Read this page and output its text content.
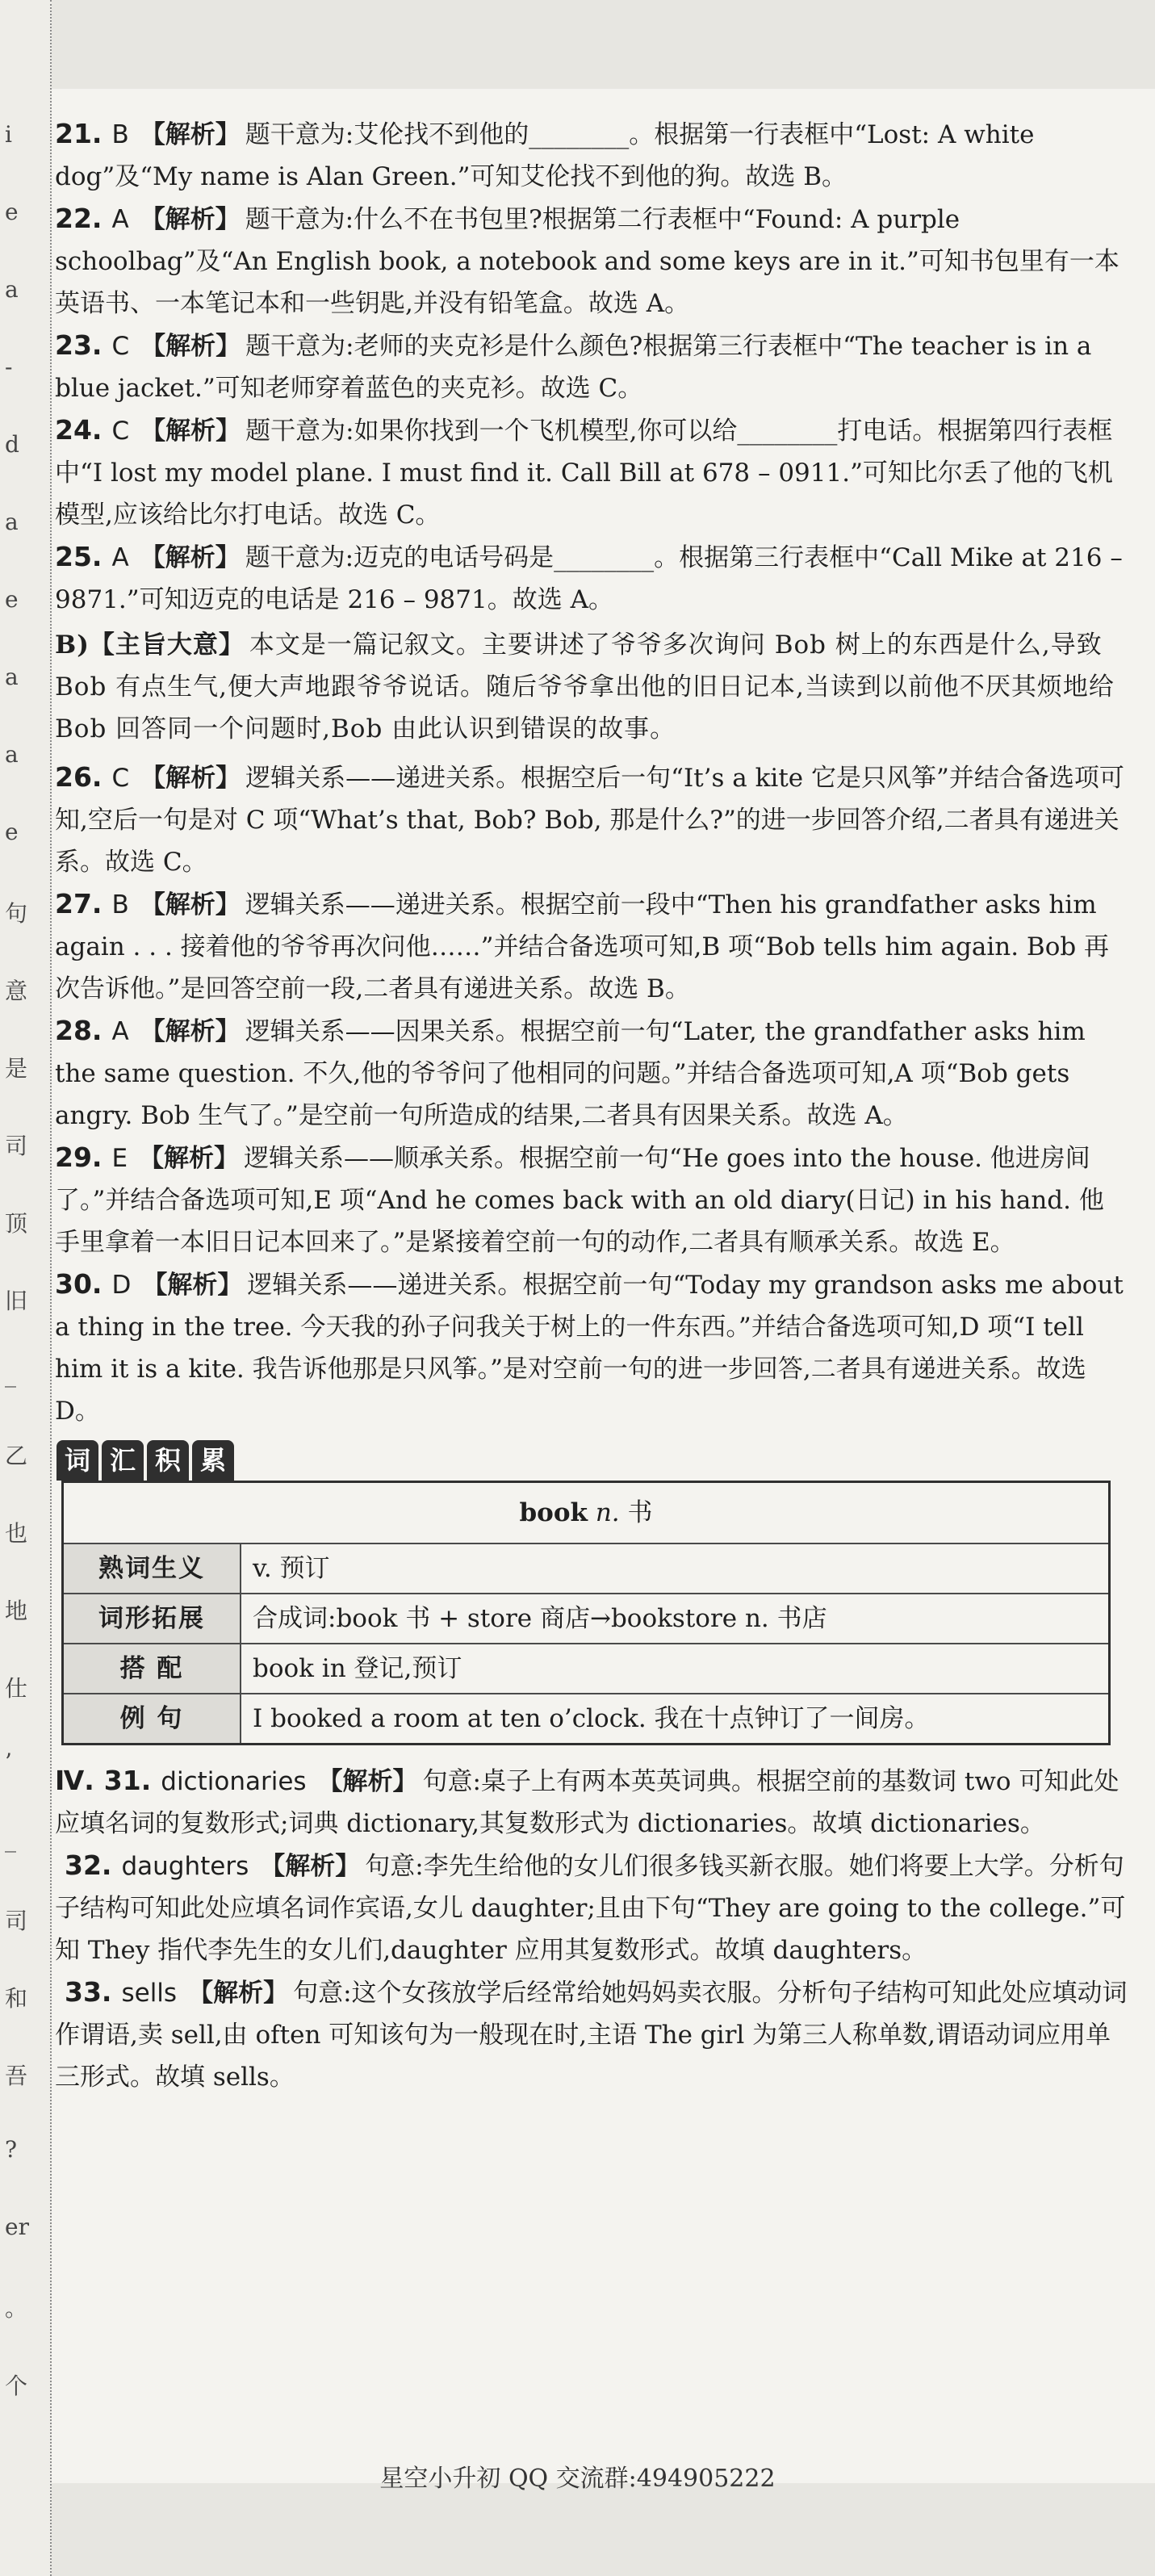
i
e
a
-
d
a
e
a
a
e
句
意
是
司
顶
旧
_
乙
也
地
仕
’
_
司
和
吾
?
er
。
个

21. B 【解析】 题干意为:艾伦找不到他的________。根据第一行表框中“Lost: A white dog”及“My name is Alan Green.”可知艾伦找不到他的狗。故选 B。

22. A 【解析】 题干意为:什么不在书包里?根据第二行表框中“Found: A purple schoolbag”及“An English book, a notebook and some keys are in it.”可知书包里有一本英语书、一本笔记本和一些钥匙,并没有铅笔盒。故选 A。

23. C 【解析】 题干意为:老师的夹克衫是什么颜色?根据第三行表框中“The teacher is in a blue jacket.”可知老师穿着蓝色的夹克衫。故选 C。

24. C 【解析】 题干意为:如果你找到一个飞机模型,你可以给________打电话。根据第四行表框中“I lost my model plane. I must find it. Call Bill at 678 – 0911.”可知比尔丢了他的飞机模型,应该给比尔打电话。故选 C。

25. A 【解析】 题干意为:迈克的电话号码是________。根据第三行表框中“Call Mike at 216 – 9871.”可知迈克的电话是 216 – 9871。故选 A。

B)【主旨大意】 本文是一篇记叙文。主要讲述了爷爷多次询问 Bob 树上的东西是什么,导致 Bob 有点生气,便大声地跟爷爷说话。随后爷爷拿出他的旧日记本,当读到以前他不厌其烦地给 Bob 回答同一个问题时,Bob 由此认识到错误的故事。

26. C 【解析】 逻辑关系——递进关系。根据空后一句“It’s a kite 它是只风筝”并结合备选项可知,空后一句是对 C 项“What’s that, Bob? Bob, 那是什么?”的进一步回答介绍,二者具有递进关系。故选 C。

27. B 【解析】 逻辑关系——递进关系。根据空前一段中“Then his grandfather asks him again . . . 接着他的爷爷再次问他……”并结合备选项可知,B 项“Bob tells him again. Bob 再次告诉他。”是回答空前一段,二者具有递进关系。故选 B。

28. A 【解析】 逻辑关系——因果关系。根据空前一句“Later, the grandfather asks him the same question. 不久,他的爷爷问了他相同的问题。”并结合备选项可知,A 项“Bob gets angry. Bob 生气了。”是空前一句所造成的结果,二者具有因果关系。故选 A。

29. E 【解析】 逻辑关系——顺承关系。根据空前一句“He goes into the house. 他进房间了。”并结合备选项可知,E 项“And he comes back with an old diary(日记) in his hand. 他手里拿着一本旧日记本回来了。”是紧接着空前一句的动作,二者具有顺承关系。故选 E。

30. D 【解析】 逻辑关系——递进关系。根据空前一句“Today my grandson asks me about a thing in the tree. 今天我的孙子问我关于树上的一件东西。”并结合备选项可知,D 项“I tell him it is a kite. 我告诉他那是只风筝。”是对空前一句的进一步回答,二者具有递进关系。故选 D。

词 汇 积 累
book n. 书	
熟词生义	v. 预订
词形拓展	合成词:book 书 + store 商店→bookstore n. 书店
搭 配	book in 登记,预订
例 句	I booked a room at ten o’clock. 我在十点钟订了一间房。

Ⅳ. 31. dictionaries 【解析】 句意:桌子上有两本英英词典。根据空前的基数词 two 可知此处应填名词的复数形式;词典 dictionary,其复数形式为 dictionaries。故填 dictionaries。

32. daughters 【解析】 句意:李先生给他的女儿们很多钱买新衣服。她们将要上大学。分析句子结构可知此处应填名词作宾语,女儿 daughter;且由下句“They are going to the college.”可知 They 指代李先生的女儿们,daughter 应用其复数形式。故填 daughters。

33. sells 【解析】 句意:这个女孩放学后经常给她妈妈卖衣服。分析句子结构可知此处应填动词作谓语,卖 sell,由 often 可知该句为一般现在时,主语 The girl 为第三人称单数,谓语动词应用单三形式。故填 sells。

星空小升初 QQ 交流群:494905222
